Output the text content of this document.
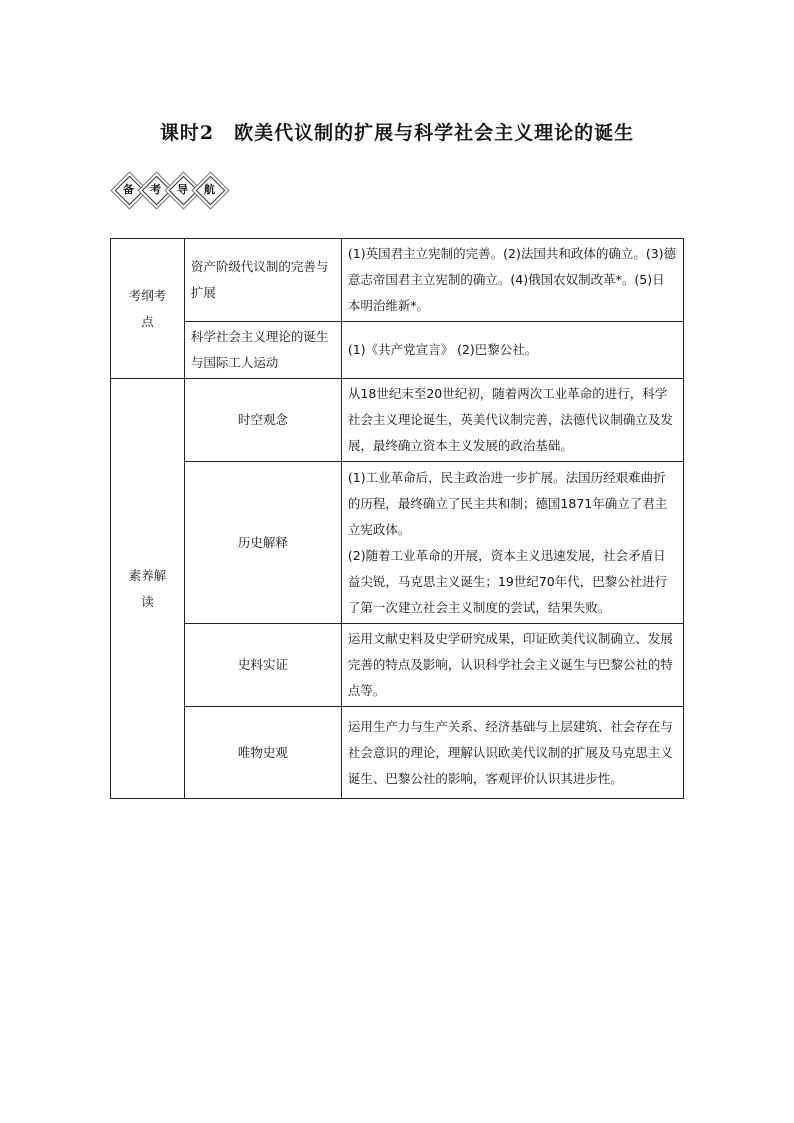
课时2　欧美代议制的扩展与科学社会主义理论的诞生
备	考	导	航
考纲考点	资产阶级代议制的完善与扩展	(1)英国君主立宪制的完善。(2)法国共和政体的确立。(3)德意志帝国君主立宪制的确立。(4)俄国农奴制改革*。(5)日本明治维新*。
	科学社会主义理论的诞生与国际工人运动	(1)《共产党宣言》 (2)巴黎公社。
素养解读	时空观念	从18世纪末至20世纪初，随着两次工业革命的进行，科学社会主义理论诞生，英美代议制完善，法德代议制确立及发展，最终确立资本主义发展的政治基础。
	历史解释	(1)工业革命后，民主政治进一步扩展。法国历经艰难曲折的历程，最终确立了民主共和制；德国1871年确立了君主立宪政体。
(2)随着工业革命的开展，资本主义迅速发展，社会矛盾日益尖锐，马克思主义诞生；19世纪70年代，巴黎公社进行了第一次建立社会主义制度的尝试，结果失败。

	史料实证	运用文献史料及史学研究成果，印证欧美代议制确立、发展完善的特点及影响，认识科学社会主义诞生与巴黎公社的特点等。
	唯物史观	运用生产力与生产关系、经济基础与上层建筑、社会存在与社会意识的理论，理解认识欧美代议制的扩展及马克思主义诞生、巴黎公社的影响，客观评价认识其进步性。
